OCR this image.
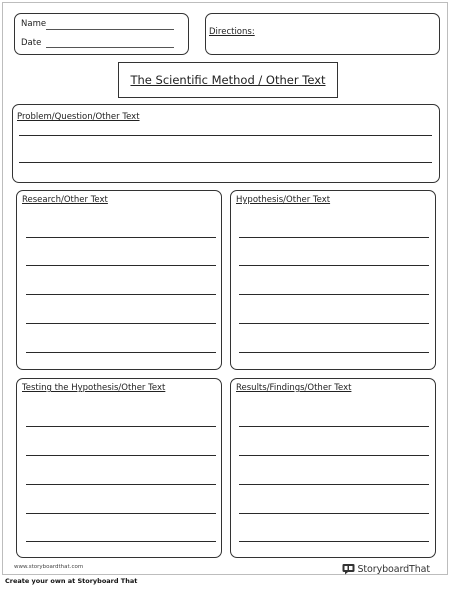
Name
Date
Directions:
The Scientific Method / Other Text
Problem/Question/Other Text
Research/Other Text	Hypothesis/Other Text
Testing the Hypothesis/Other Text	Results/Findings/Other Text
www.storyboardthat.com	StoryboardThat
Create your own at Storyboard That
